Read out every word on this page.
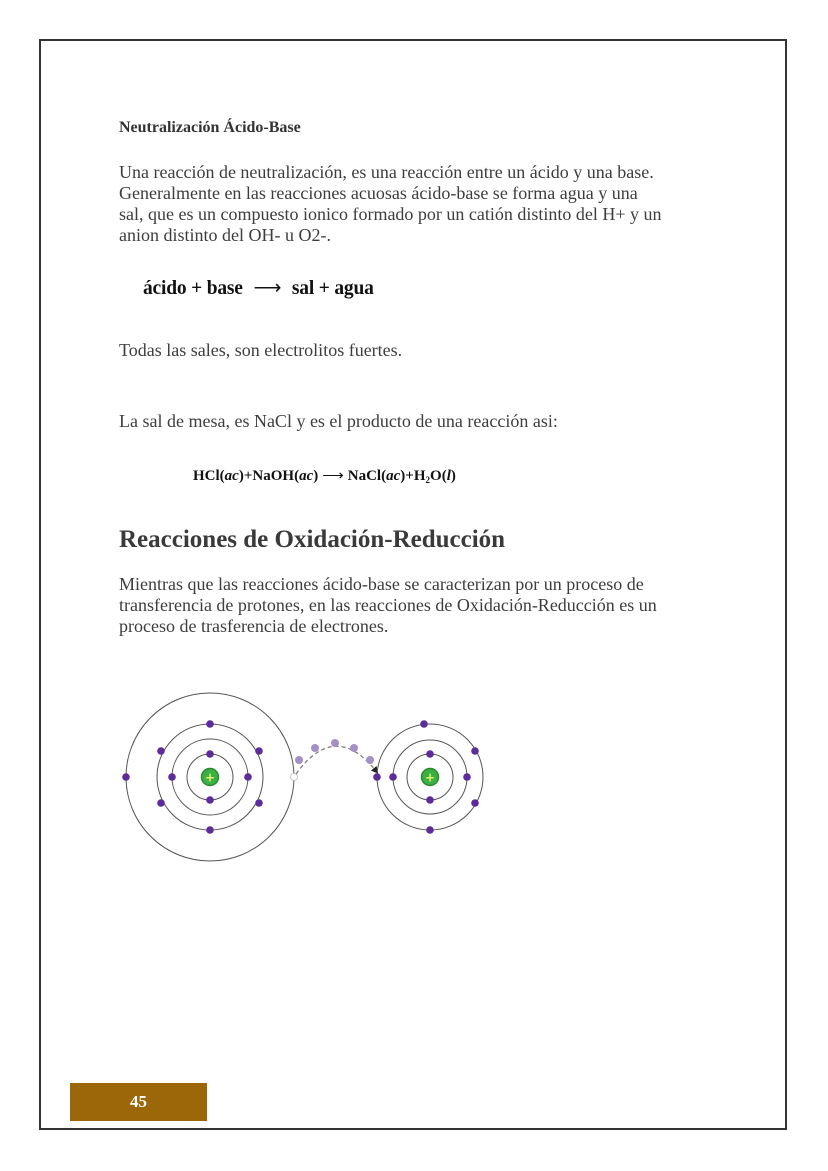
Neutralización Ácido-Base
Una reacción de neutralización, es una reacción entre un ácido y una base.
Generalmente en las reacciones acuosas ácido-base se forma agua y una
sal, que es un compuesto ionico formado por un catión distinto del H+ y un
anion distinto del OH- u O2-.
ácido + base ⟶ sal + agua
Todas las sales, son electrolitos fuertes.
La sal de mesa, es NaCl y es el producto de una reacción asi:
HCl(ac)+NaOH(ac) ⟶ $NaCl(ac)+H_2O(l)$
Reacciones de Oxidación-Reducción
Mientras que las reacciones ácido-base se caracterizan por un proceso de
transferencia de protones, en las reacciones de Oxidación-Reducción es un
proceso de trasferencia de electrones.
+	+
45
